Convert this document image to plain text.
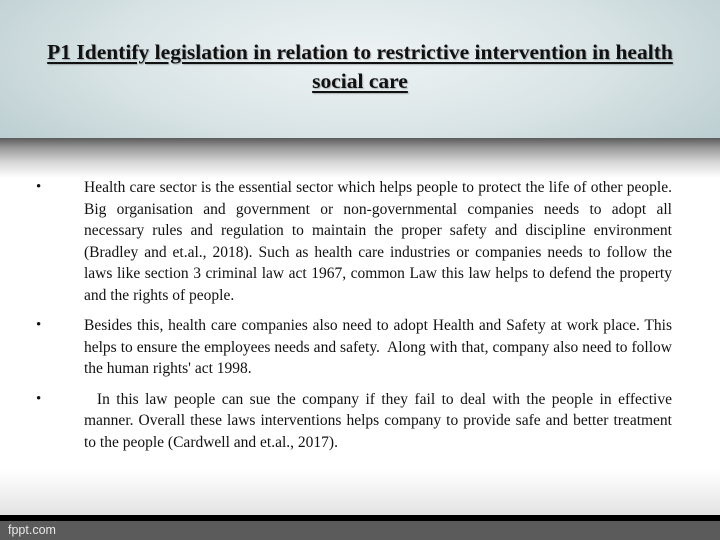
P1 Identify legislation in relation to restrictive intervention in health social care
•	Health care sector is the essential sector which helps people to protect the life of other people. Big organisation and government or non-governmental companies needs to adopt all necessary rules and regulation to maintain the proper safety and discipline environment (Bradley and et.al., 2018). Such as health care industries or companies needs to follow the laws like section 3 criminal law act 1967, common Law this law helps to defend the property and the rights of people.
•	Besides this, health care companies also need to adopt Health and Safety at work place. This helps to ensure the employees needs and safety.  Along with that, company also need to follow the human rights' act 1998.
•	In this law people can sue the company if they fail to deal with the people in effective manner. Overall these laws interventions helps company to provide safe and better treatment to the people (Cardwell and et.al., 2017).
fppt.com
